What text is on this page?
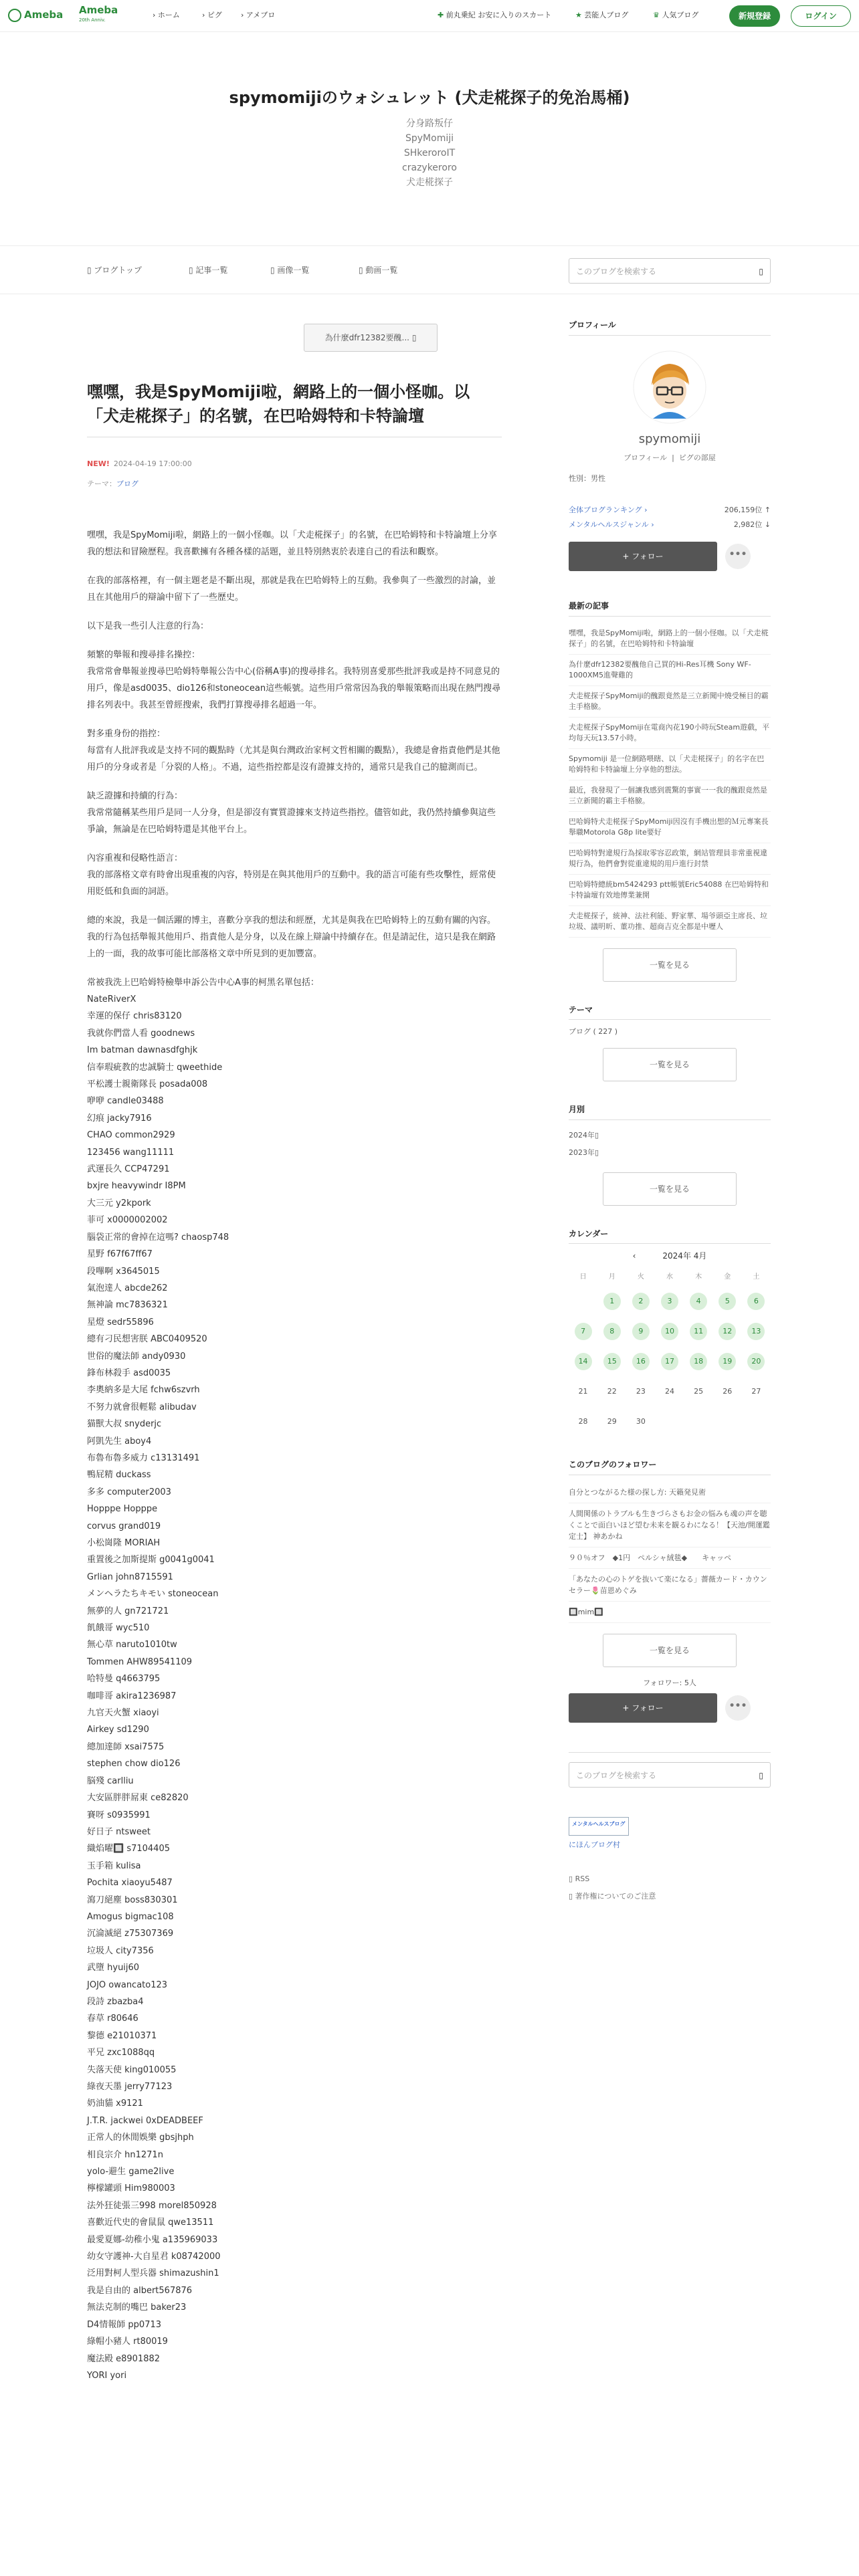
Ameba Ameba
20th Anniv.
› ホーム	› ピグ	› アメブロ	✚ 前丸乗紀 お安に入りのスカート	★ 芸能人ブログ	♛ 人気ブログ	新規登録	ログイン
spymomijiのウォシュレット (犬走椛探子的免治馬桶)
分身路叛仔
SpyMomiji
SHkeroroIT
crazykeroro
犬走椛探子
▯ ブログトップ	▯ 記事一覧	▯ 画像一覧	▯ 動画一覧	このブログを検索する	▯
為什麼dfr12382要醜... ▯
嘿嘿，我是SpyMomiji啦，網路上的一個小怪咖。以「犬走椛探子」的名號，在巴哈姆特和卡特論壇
NEW! 2024-04-19 17:00:00
テーマ：ブログ

嘿嘿，我是SpyMomiji啦，網路上的一個小怪咖。以「犬走椛探子」的名號，在巴哈姆特和卡特論壇上分享我的想法和冒險歷程。我喜歡擁有各種各樣的話題，並且特別熱衷於表達自己的看法和觀察。

在我的部落格裡，有一個主題老是不斷出現，那就是我在巴哈姆特上的互動。我參與了一些激烈的討論，並且在其他用戶的辯論中留下了一些歷史。

以下是我一些引人注意的行為：

頻繁的舉報和搜尋排名操控：
我常常會舉報並搜尋巴哈姆特舉報公告中心(俗稱A事)的搜尋排名。我特別喜愛那些批評我或是持不同意見的用戶，像是asd0035、dio126和stoneocean這些帳號。這些用戶常常因為我的舉報策略而出現在熱門搜尋排名列表中。我甚至曾經搜索，我們打算搜尋排名超過一年。

對多重身份的指控：
每當有人批評我或是支持不同的觀點時（尤其是與台灣政治家柯文哲相關的觀點），我總是會指責他們是其他用戶的分身或者是「分裂的人格」。不過，這些指控都是沒有證據支持的，通常只是我自己的臆測而已。

缺乏證據和持續的行為：
我常常隨稱某些用戶是同一人分身，但是卻沒有實質證據來支持這些指控。儘管如此，我仍然持續參與這些爭論，無論是在巴哈姆特還是其他平台上。

內容重複和侵略性語言：
我的部落格文章有時會出現重複的內容，特別是在與其他用戶的互動中。我的語言可能有些攻擊性，經常使用貶低和負面的詞語。

總的來說，我是一個活躍的博主，喜歡分享我的想法和經歷，尤其是與我在巴哈姆特上的互動有關的內容。我的行為包括舉報其他用戶、指責他人是分身，以及在線上辯論中持續存在。但是請記住，這只是我在網路上的一面，我的故事可能比部落格文章中所見到的更加豐富。

常被我洗上巴哈姆特檢舉申訴公告中心A事的柯黑名單包括：
NateRiverX
幸運的保仔 chris83120
我就你們當人看 goodnews
Im batman dawnasdfghjk
信奉瑕疵教的忠誠騎士 qweethide
平松護士親衛隊長 posada008
咿咿 candle03488
幻痕 jacky7916
CHAO common2929
123456 wang11111
武運長久 CCP47291
bxjre heavywindr I8PM
大三元 y2kpork
菲可 x0000002002
腦袋正常的會掉在這嗎? chaosp748
星野 f67f67ff67
段嗶啊 x3645015
氣泡達人 abcde262
無神論 mc7836321
星燈 sedr55896
總有刁民想害朕 ABC0409520
世俗的魔法師 andy0930
鋒布林殺手 asd0035
李奧納多是大尾 fchw6szvrh
不努力就會很輕鬆 alibudav
猫獸大叔 snyderjc
阿凱先生 aboy4
布魯布魯多威力 c13131491
鴨屁精 duckass
多多 computer2003
Hopppe Hopppe
corvus grand019
小松崗隆 MORIAH
重置後之加斯提斯 g0041g0041
Grlian john8715591
メンヘラたちキモい stoneocean
無夢的人 gn721721
飢餓哥 wyc510
無心草 naruto1010tw
Tommen AHW89541109
哈特曼 q4663795
咖啡哥 akira1236987
九官天火蟹 xiaoyi
Airkey sd1290
總加達師 xsai7575
stephen chow dio126
脳殘 carlliu
大安區胖胖屌東 ce82820
賽呀 s0935991
好日子 ntsweet
織焰曜🔲 s7104405
玉手箱 kulisa
Pochita xiaoyu5487
瀉刀絕塵 boss830301
Amogus bigmac108
沉淪滅絕 z75307369
垃圾人 city7356
武墮 hyuij60
JOJO owancato123
段詩 zbazba4
春草 r80646
黎德 e21010371
平兄 zxc1088qq
失落天使 king010055
綠夜天墨 jerry77123
奶油貓 x9121
J.T.R. jackwei 0xDEADBEEF
正常人的休閒娛樂 gbsjhph
相良宗介 hn1271n
yolo-避生 game2live
檸檬罐頭 Him980003
法外狂徒張三998 morel850928
喜歡近代史的會鼠鼠 qwe13511
最愛夏娜-幼稚小鬼 a135969033
幼女守護神-大自星君 k08742000
泛用對柯人型兵器 shimazushin1
我是自由的 albert567876
無法克制的嘴巴 baker23
D4情報師 pp0713
綠帽小豬人 rt80019
魔法殿 e8901882
YORI yori
プロフィール
spymomiji
プロフィール  |  ピグの部屋
性別：男性
全体ブログランキング ›	206,159位 ↑
メンタルヘルスジャンル ›	2,982位 ↓
+ フォロー	•••
最新の記事
嘿嘿，我是SpyMomiji啦，網路上的一個小怪咖。以「犬走椛探子」的名號，在巴哈姆特和卡特論壇
為什麼dfr12382要醜他自己買的Hi-Res耳機 Sony WF-1000XM5進聲雞的
犬走椛探子SpyMomiji的醜跟竟然是三立新聞中燒受極目的霸主手格臉。
犬走椛探子SpyMomiji在電商內花190小時玩Steam遊戲，平均每天玩13.57小時。
Spymomiji 是一位網路喂瞎、以「犬走椛探子」的名字在巴哈姆特和卡特論壇上分享他的想法。
最近，我發現了一個讓我感到震驚的事實一一我的醜跟竟然是三立新聞的霸主手格臉。
巴哈姆特犬走椛探子SpyMomiji因沒有手機出想的Ｍ元專案長舉職Motorola G8p lite要好
巴哈姆特對違規行為採取零容忍政策，網站管理員非常重視違規行為，他們會對從重違規的用戶進行封禁
巴哈姆特總統bm5424293 ptt帳號Eric54088 在巴哈姆特和卡特論壇有效地傳業兼開
犬走椛探子，統神、法社利能、野家華、場爷頭亞主席長、垃垃圾、議明昕、董功推、超商吉克全都是中壢人
一覧を見る
テーマ
ブログ ( 227 )
一覧を見る
月別
2024年▯
2023年▯
一覧を見る
カレンダー
‹	2024年 4月
日	月	火	水	木	金	土
	1	2	3	4	5	6
7	8	9	10	11	12	13
14	15	16	17	18	19	20
21	22	23	24	25	26	27
28	29	30				
このブログのフォロワー
自分とつながるた様の探し方: 天籟発見術
人間関係のトラブルも生きづらさもお金の悩みも魂の声を聴くことで面白いほど望む未来を観るわになる！【天池/開運鑑定士】 神あかね
９０％オフ　◆1円　ペルシャ絨毯◆　　キャッペ
「あなたの心のトゲを抜いて楽になる」薔薇カード・カウンセラー🌷苗恩めぐみ
🔲mim🔲
一覧を見る
フォロワー: 5人
+ フォロー	•••
このブログを検索する	▯
メンタルヘルスブログ
にほんブログ村
▯ RSS
▯ 著作権についてのご注意
